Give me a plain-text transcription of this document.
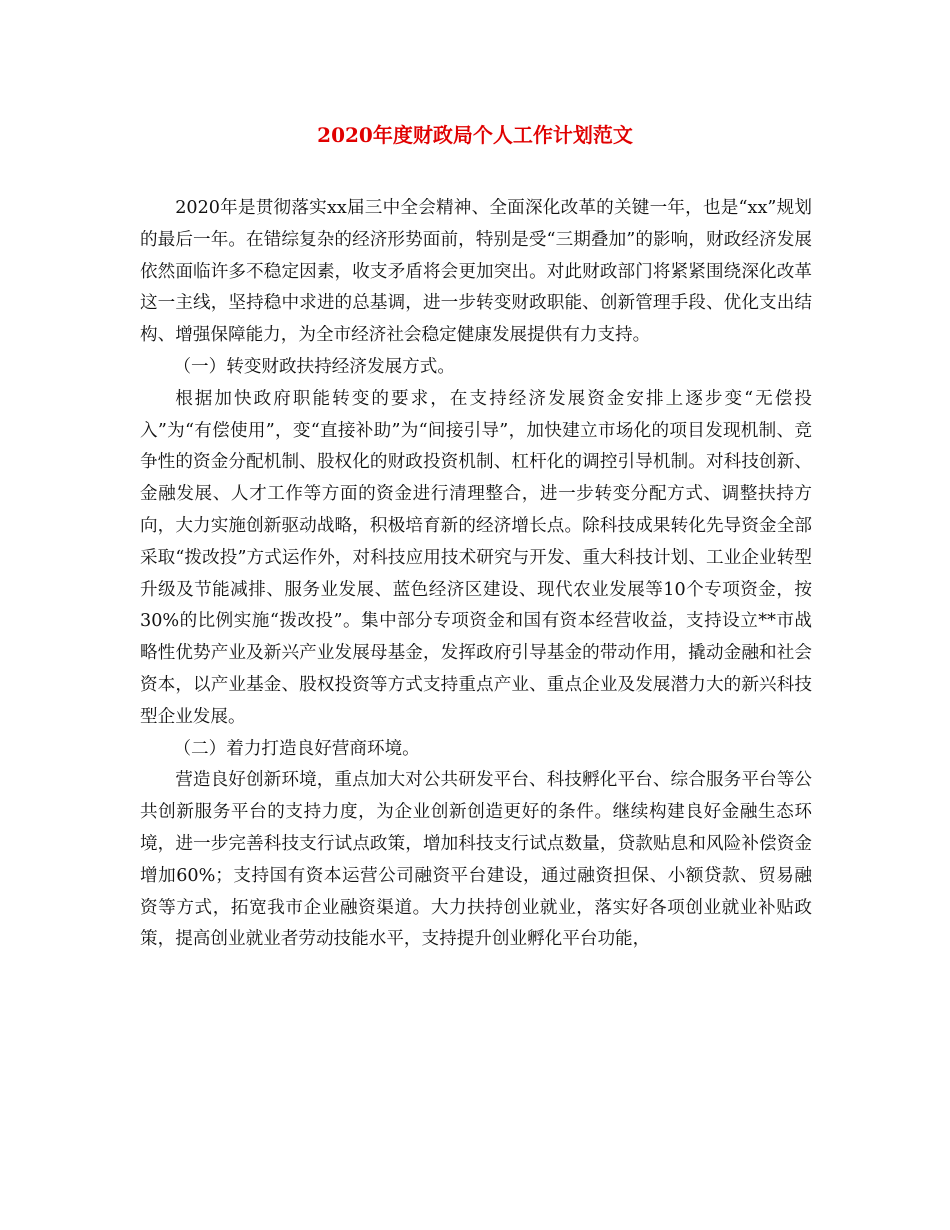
2020年度财政局个人工作计划范文

2020年是贯彻落实xx届三中全会精神、全面深化改革的关键一年，也是“xx”规划的最后一年。在错综复杂的经济形势面前，特别是受“三期叠加”的影响，财政经济发展依然面临许多不稳定因素，收支矛盾将会更加突出。对此财政部门将紧紧围绕深化改革这一主线，坚持稳中求进的总基调，进一步转变财政职能、创新管理手段、优化支出结构、增强保障能力，为全市经济社会稳定健康发展提供有力支持。

（一）转变财政扶持经济发展方式。

根据加快政府职能转变的要求，在支持经济发展资金安排上逐步变“无偿投入”为“有偿使用”，变“直接补助”为“间接引导”，加快建立市场化的项目发现机制、竞争性的资金分配机制、股权化的财政投资机制、杠杆化的调控引导机制。对科技创新、金融发展、人才工作等方面的资金进行清理整合，进一步转变分配方式、调整扶持方向，大力实施创新驱动战略，积极培育新的经济增长点。除科技成果转化先导资金全部采取“拨改投”方式运作外，对科技应用技术研究与开发、重大科技计划、工业企业转型升级及节能减排、服务业发展、蓝色经济区建设、现代农业发展等10个专项资金，按30%的比例实施“拨改投”。集中部分专项资金和国有资本经营收益，支持设立**市战略性优势产业及新兴产业发展母基金，发挥政府引导基金的带动作用，撬动金融和社会资本，以产业基金、股权投资等方式支持重点产业、重点企业及发展潜力大的新兴科技型企业发展。

（二）着力打造良好营商环境。

营造良好创新环境，重点加大对公共研发平台、科技孵化平台、综合服务平台等公共创新服务平台的支持力度，为企业创新创造更好的条件。继续构建良好金融生态环境，进一步完善科技支行试点政策，增加科技支行试点数量，贷款贴息和风险补偿资金增加60%；支持国有资本运营公司融资平台建设，通过融资担保、小额贷款、贸易融资等方式，拓宽我市企业融资渠道。大力扶持创业就业，落实好各项创业就业补贴政策，提高创业就业者劳动技能水平，支持提升创业孵化平台功能，
